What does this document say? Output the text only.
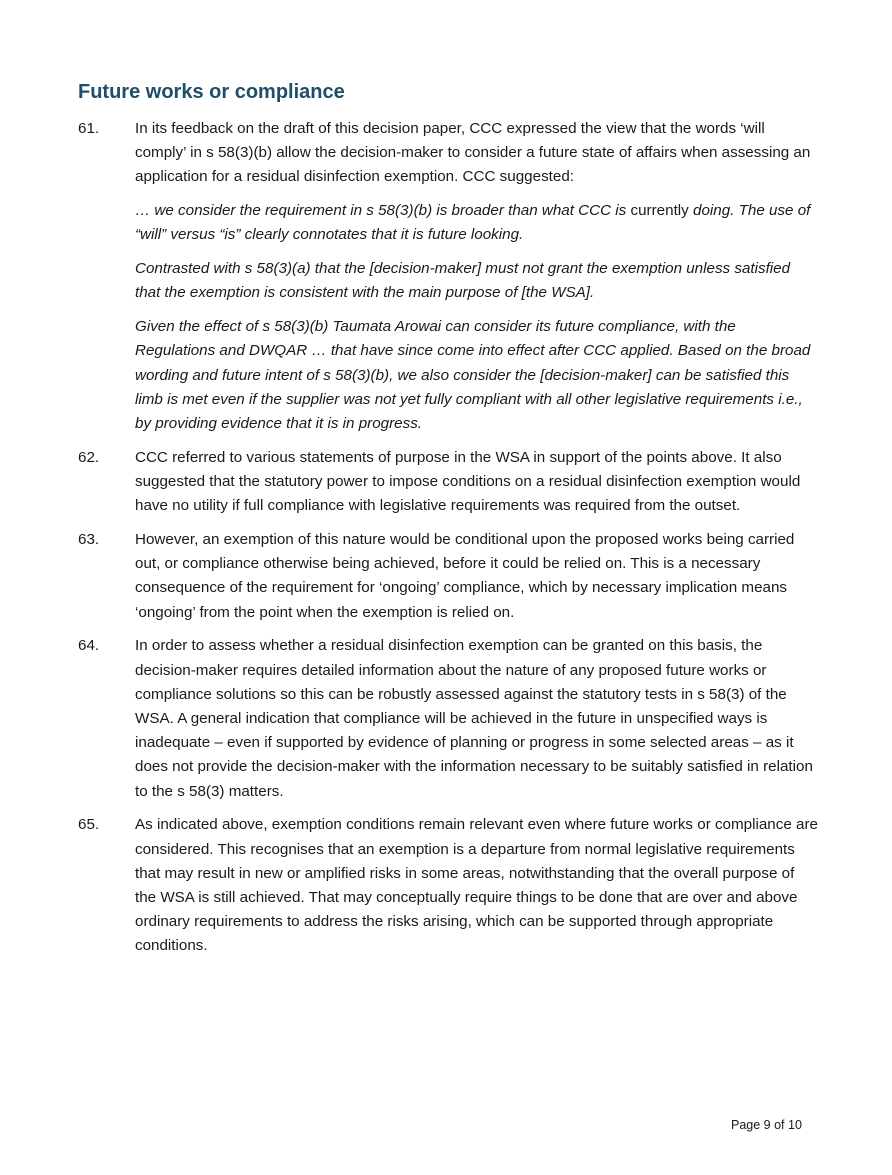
Future works or compliance
61. In its feedback on the draft of this decision paper, CCC expressed the view that the words ‘will comply’ in s 58(3)(b) allow the decision-maker to consider a future state of affairs when assessing an application for a residual disinfection exemption. CCC suggested:
… we consider the requirement in s 58(3)(b) is broader than what CCC is currently doing. The use of “will” versus “is” clearly connotates that it is future looking.
Contrasted with s 58(3)(a) that the [decision-maker] must not grant the exemption unless satisfied that the exemption is consistent with the main purpose of [the WSA].
Given the effect of s 58(3)(b) Taumata Arowai can consider its future compliance, with the Regulations and DWQAR … that have since come into effect after CCC applied. Based on the broad wording and future intent of s 58(3)(b), we also consider the [decision-maker] can be satisfied this limb is met even if the supplier was not yet fully compliant with all other legislative requirements i.e., by providing evidence that it is in progress.
62. CCC referred to various statements of purpose in the WSA in support of the points above. It also suggested that the statutory power to impose conditions on a residual disinfection exemption would have no utility if full compliance with legislative requirements was required from the outset.
63. However, an exemption of this nature would be conditional upon the proposed works being carried out, or compliance otherwise being achieved, before it could be relied on. This is a necessary consequence of the requirement for ‘ongoing’ compliance, which by necessary implication means ‘ongoing’ from the point when the exemption is relied on.
64. In order to assess whether a residual disinfection exemption can be granted on this basis, the decision-maker requires detailed information about the nature of any proposed future works or compliance solutions so this can be robustly assessed against the statutory tests in s 58(3) of the WSA. A general indication that compliance will be achieved in the future in unspecified ways is inadequate – even if supported by evidence of planning or progress in some selected areas – as it does not provide the decision-maker with the information necessary to be suitably satisfied in relation to the s 58(3) matters.
65. As indicated above, exemption conditions remain relevant even where future works or compliance are considered. This recognises that an exemption is a departure from normal legislative requirements that may result in new or amplified risks in some areas, notwithstanding that the overall purpose of the WSA is still achieved. That may conceptually require things to be done that are over and above ordinary requirements to address the risks arising, which can be supported through appropriate conditions.
Page 9 of 10
